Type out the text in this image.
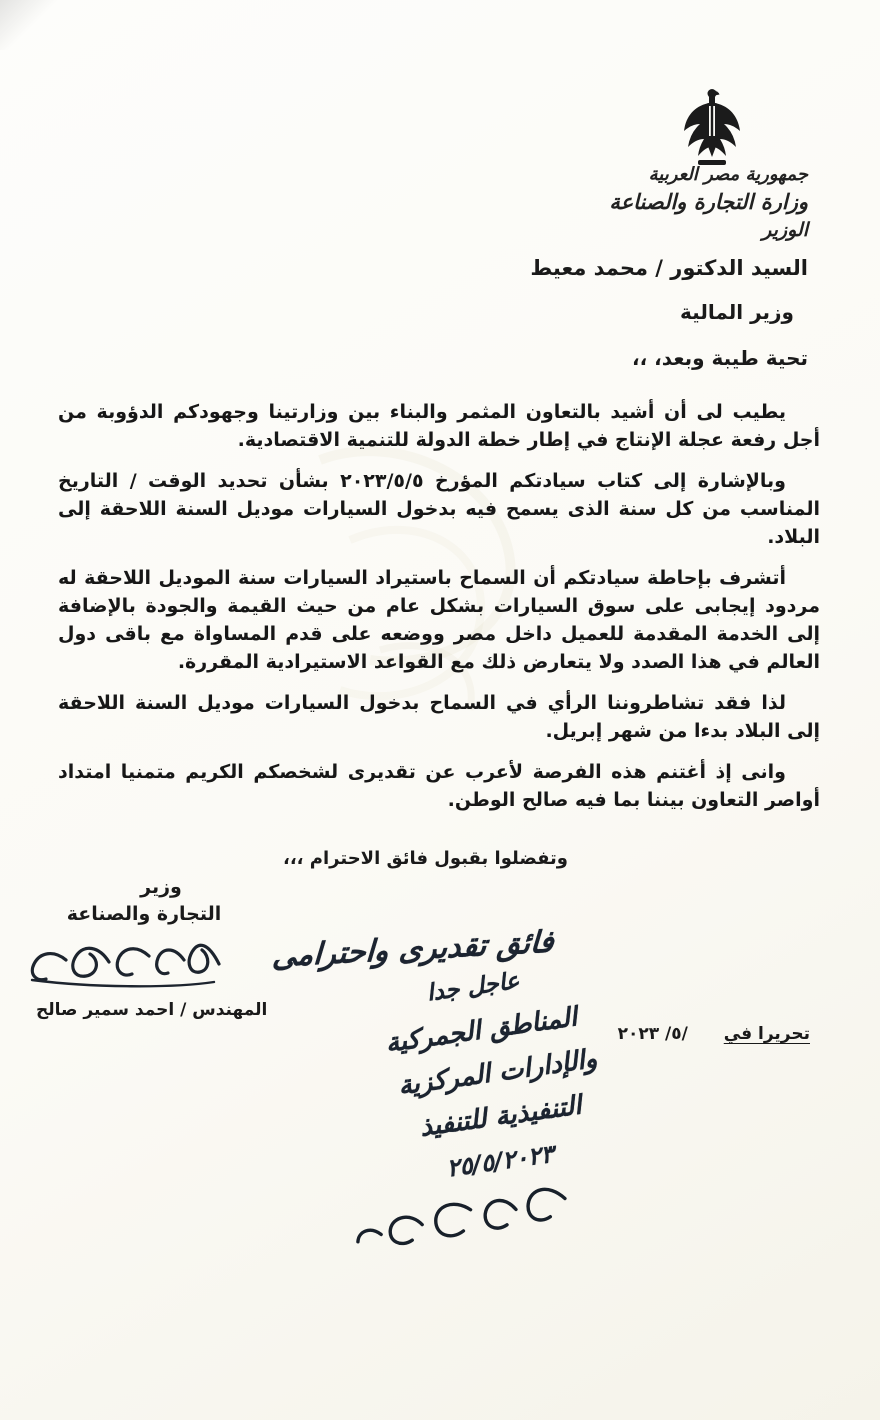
جمهورية مصر العربية
وزارة التجارة والصناعة
الوزير
السيد الدكتور / محمد معيط
وزير المالية
تحية طيبة وبعد، ،،

يطيب لى أن أشيد بالتعاون المثمر والبناء بين وزارتينا وجهودكم الدؤوبة من أجل رفعة عجلة الإنتاج في إطار خطة الدولة للتنمية الاقتصادية.

وبالإشارة إلى كتاب سيادتكم المؤرخ ٢٠٢٣/٥/٥ بشأن تحديد الوقت / التاريخ المناسب من كل سنة الذى يسمح فيه بدخول السيارات موديل السنة اللاحقة إلى البلاد.

أتشرف بإحاطة سيادتكم أن السماح باستيراد السيارات سنة الموديل اللاحقة له مردود إيجابى على سوق السيارات بشكل عام من حيث القيمة والجودة بالإضافة إلى الخدمة المقدمة للعميل داخل مصر ووضعه على قدم المساواة مع باقى دول العالم في هذا الصدد ولا يتعارض ذلك مع القواعد الاستيرادية المقررة.

لذا فقد تشاطروننا الرأي في السماح بدخول السيارات موديل السنة اللاحقة إلى البلاد بدءا من شهر إبريل.

وانى إذ أغتنم هذه الفرصة لأعرب عن تقديرى لشخصكم الكريم متمنيا امتداد أواصر التعاون بيننا بما فيه صالح الوطن.

وتفضلوا بقبول فائق الاحترام ،،،
وزير
التجارة والصناعة
المهندس / احمد سمير صالح
فائق تقديرى واحترامى
تحريرا في /٥/ ٢٠٢٣
عاجل جدا
المناطق الجمركية
والإدارات المركزية
التنفيذية للتنفيذ
٢٥/٥/٢٠٢٣
